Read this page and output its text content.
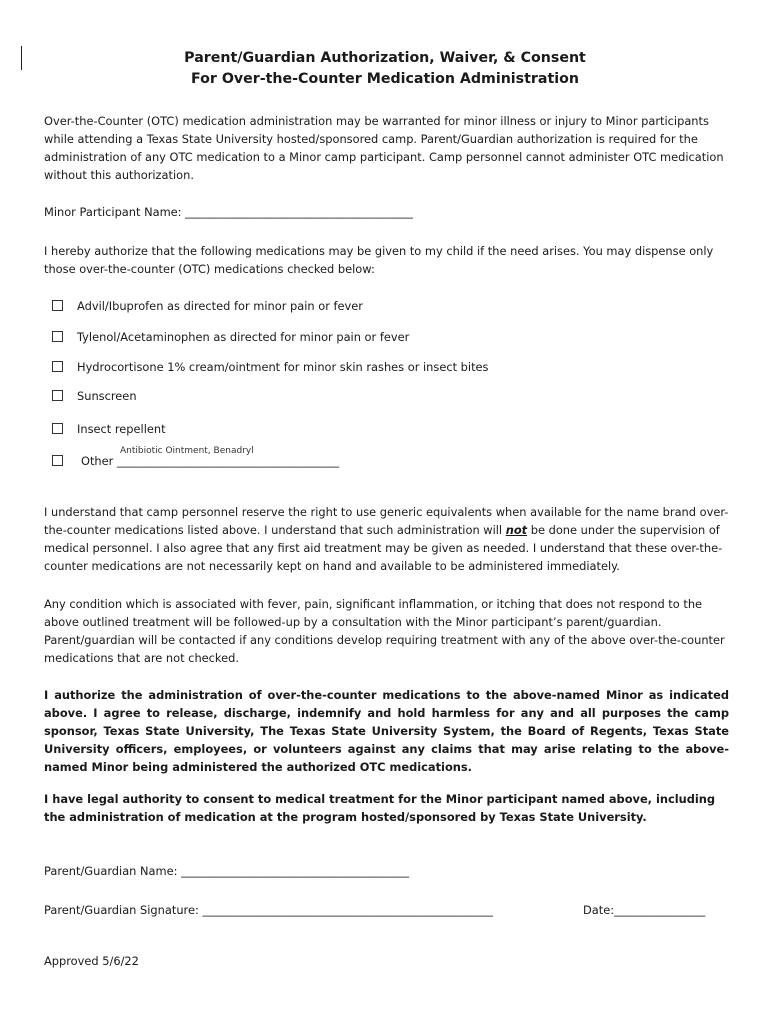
Parent/Guardian Authorization, Waiver, & Consent
For Over-the-Counter Medication Administration

Over-the-Counter (OTC) medication administration may be warranted for minor illness or injury to Minor participants while attending a Texas State University hosted/sponsored camp. Parent/Guardian authorization is required for the administration of any OTC medication to a Minor camp participant. Camp personnel cannot administer OTC medication without this authorization.

Minor Participant Name: ________________________________________

I hereby authorize that the following medications may be given to my child if the need arises. You may dispense only those over-the-counter (OTC) medications checked below:

Advil/Ibuprofen as directed for minor pain or fever
Tylenol/Acetaminophen as directed for minor pain or fever
Hydrocortisone 1% cream/ointment for minor skin rashes or insect bites
Sunscreen
Insect repellent
Antibiotic Ointment, Benadryl
Other _______________________________________

I understand that camp personnel reserve the right to use generic equivalents when available for the name brand over-the-counter medications listed above. I understand that such administration will not be done under the supervision of medical personnel. I also agree that any first aid treatment may be given as needed. I understand that these over-the-counter medications are not necessarily kept on hand and available to be administered immediately.

Any condition which is associated with fever, pain, significant inflammation, or itching that does not respond to the above outlined treatment will be followed-up by a consultation with the Minor participant’s parent/guardian. Parent/guardian will be contacted if any conditions develop requiring treatment with any of the above over-the-counter medications that are not checked.

I authorize the administration of over-the-counter medications to the above-named Minor as indicated above. I agree to release, discharge, indemnify and hold harmless for any and all purposes the camp sponsor, Texas State University, The Texas State University System, the Board of Regents, Texas State University officers, employees, or volunteers against any claims that may arise relating to the above-named Minor being administered the authorized OTC medications.

I have legal authority to consent to medical treatment for the Minor participant named above, including the administration of medication at the program hosted/sponsored by Texas State University.

Parent/Guardian Name: ________________________________________
Parent/Guardian Signature: ___________________________________________________	Date:________________
Approved 5/6/22
